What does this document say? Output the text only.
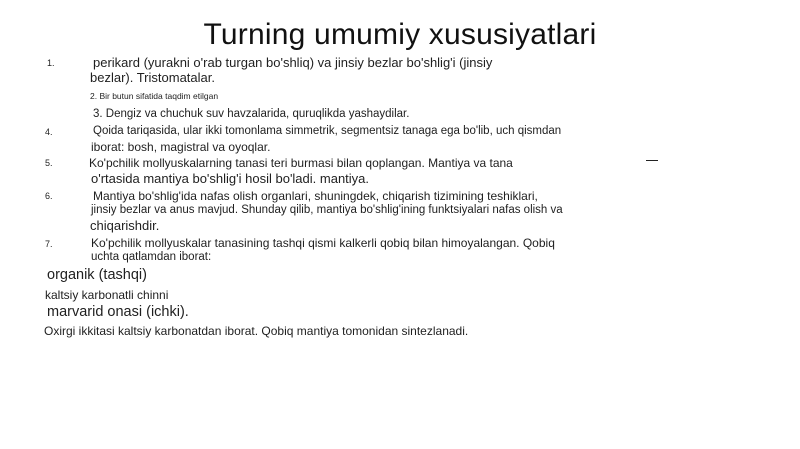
Turning umumiy xususiyatlari
1.	perikard (yurakni o'rab turgan bo'shliq) va jinsiy bezlar bo'shlig'i (jinsiy
bezlar). Tristomatalar.
2. Bir butun sifatida taqdim etilgan
3. Dengiz va chuchuk suv havzalarida, quruqlikda yashaydilar.
4.	Qoida tariqasida, ular ikki tomonlama simmetrik, segmentsiz tanaga ega bo'lib, uch qismdan
iborat: bosh, magistral va oyoqlar.
5.	Ko'pchilik mollyuskalarning tanasi teri burmasi bilan qoplangan. Mantiya va tana
o'rtasida mantiya bo'shlig'i hosil bo'ladi. mantiya.
6.	Mantiya bo'shlig'ida nafas olish organlari, shuningdek, chiqarish tizimining teshiklari,
jinsiy bezlar va anus mavjud. Shunday qilib, mantiya bo'shlig'ining funktsiyalari nafas olish va
chiqarishdir.
7.	Ko'pchilik mollyuskalar tanasining tashqi qismi kalkerli qobiq bilan himoyalangan. Qobiq
uchta qatlamdan iborat:
organik (tashqi)
kaltsiy karbonatli chinni
marvarid onasi (ichki).
Oxirgi ikkitasi kaltsiy karbonatdan iborat. Qobiq mantiya tomonidan sintezlanadi.
